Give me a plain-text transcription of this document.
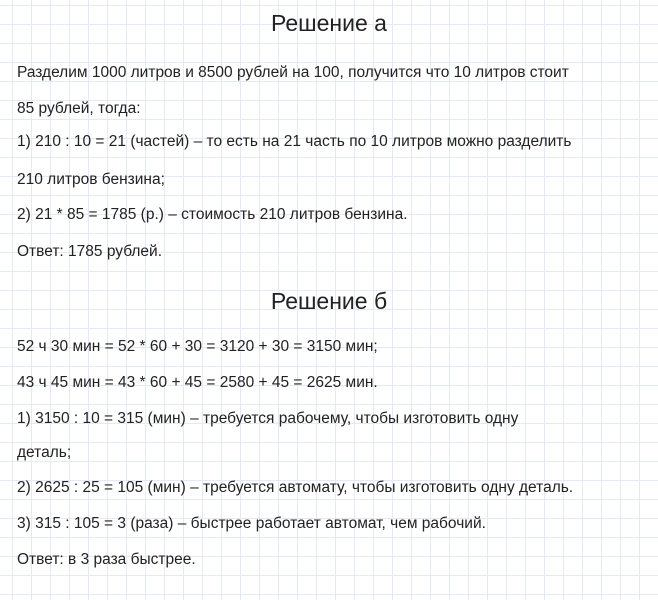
Решение а
Разделим 1000 литров и 8500 рублей на 100, получится что 10 литров стоит
85 рублей, тогда:
1) 210 : 10 = 21 (частей) – то есть на 21 часть по 10 литров можно разделить
210 литров бензина;
2) 21 * 85 = 1785 (р.) – стоимость 210 литров бензина.
Ответ: 1785 рублей.
Решение б
52 ч 30 мин = 52 * 60 + 30 = 3120 + 30 = 3150 мин;
43 ч 45 мин = 43 * 60 + 45 = 2580 + 45 = 2625 мин.
1) 3150 : 10 = 315 (мин) – требуется рабочему, чтобы изготовить одну
деталь;
2) 2625 : 25 = 105 (мин) – требуется автомату, чтобы изготовить одну деталь.
3) 315 : 105 = 3 (раза) – быстрее работает автомат, чем рабочий.
Ответ: в 3 раза быстрее.
